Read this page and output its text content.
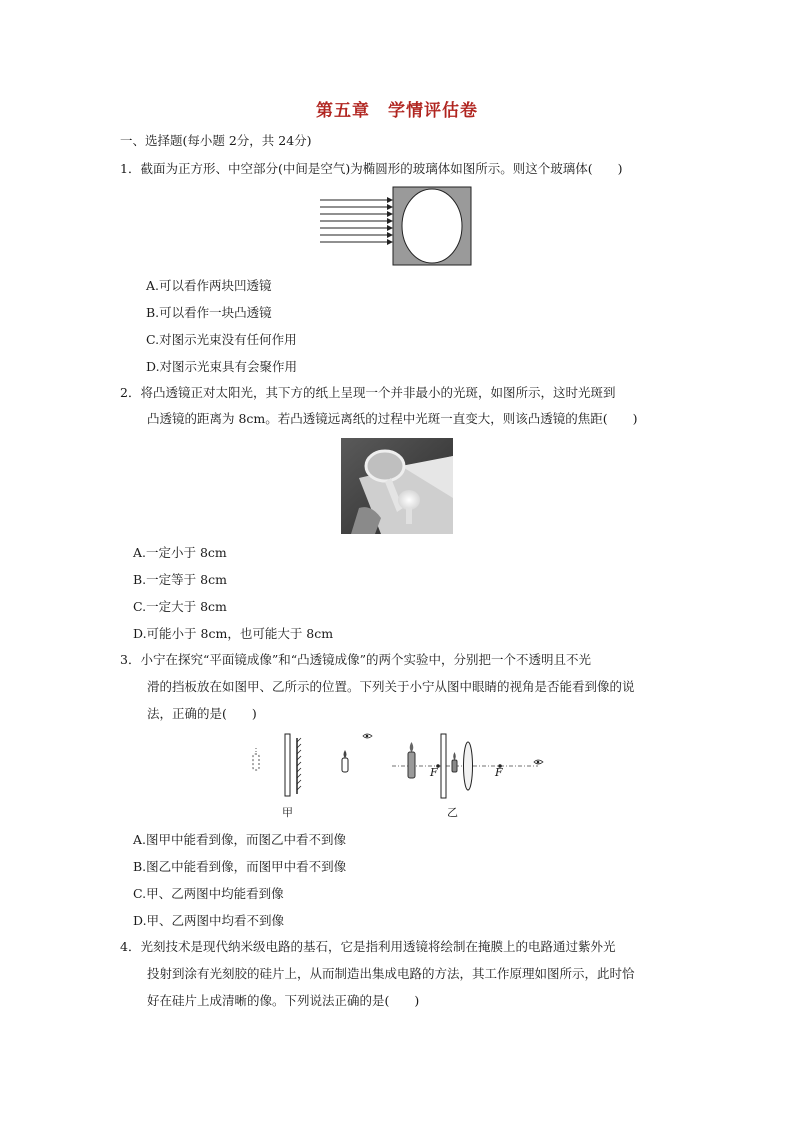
第五章　学情评估卷
一、选择题(每小题 2分，共 24分)
1．截面为正方形、中空部分(中间是空气)为椭圆形的玻璃体如图所示。则这个玻璃体(　　)
A.可以看作两块凹透镜
B.可以看作一块凸透镜
C.对图示光束没有任何作用
D.对图示光束具有会聚作用
2．将凸透镜正对太阳光，其下方的纸上呈现一个并非最小的光斑，如图所示，这时光斑到
凸透镜的距离为 8cm。若凸透镜远离纸的过程中光斑一直变大，则该凸透镜的焦距(　　)
A.一定小于 8cm
B.一定等于 8cm
C.一定大于 8cm
D.可能小于 8cm，也可能大于 8cm
3．小宁在探究“平面镜成像”和“凸透镜成像”的两个实验中，分别把一个不透明且不光
滑的挡板放在如图甲、乙所示的位置。下列关于小宁从图中眼睛的视角是否能看到像的说
法，正确的是(　　)
甲
F	F
乙
A.图甲中能看到像，而图乙中看不到像
B.图乙中能看到像，而图甲中看不到像
C.甲、乙两图中均能看到像
D.甲、乙两图中均看不到像
4．光刻技术是现代纳米级电路的基石，它是指利用透镜将绘制在掩膜上的电路通过紫外光
投射到涂有光刻胶的硅片上，从而制造出集成电路的方法，其工作原理如图所示，此时恰
好在硅片上成清晰的像。下列说法正确的是(　　)
